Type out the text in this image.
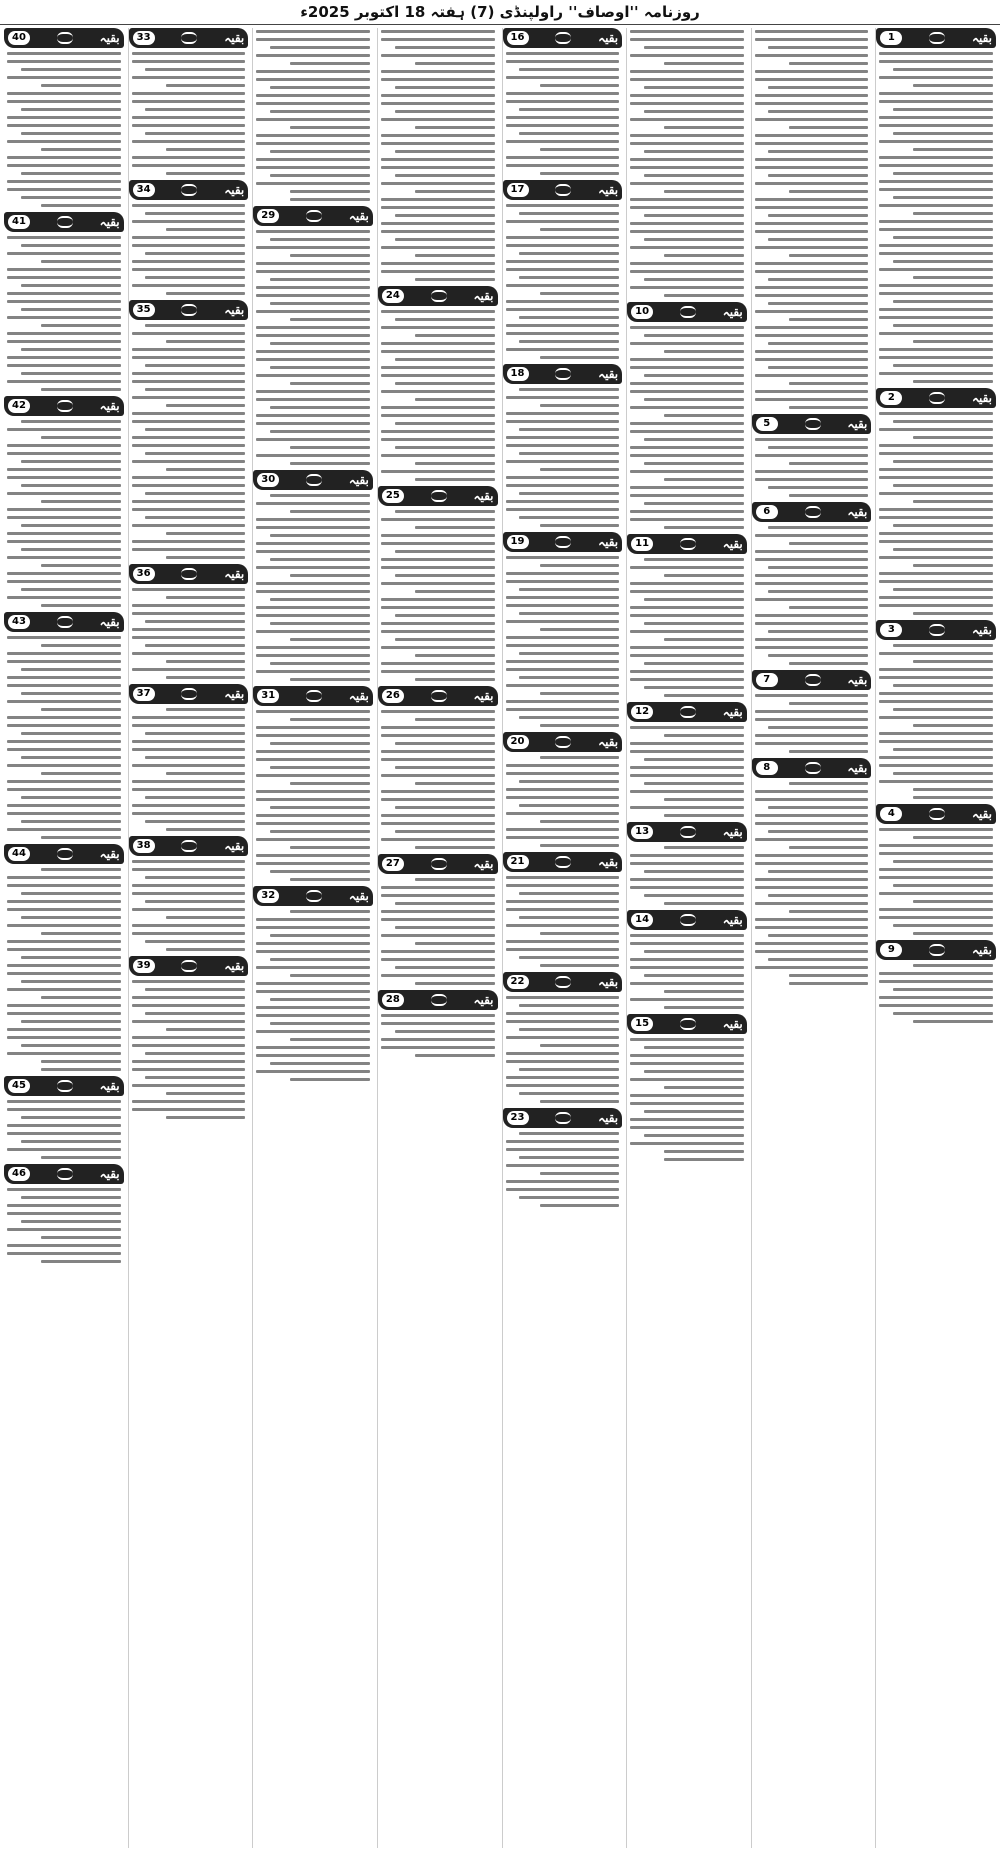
روزنامہ ''اوصاف'' راولپنڈی (7) ہفتہ 18 اکتوبر 2025ء
بقیہ
1
بقیہ
2
بقیہ
3
بقیہ
4
بقیہ
9
بقیہ
5
بقیہ
6
بقیہ
7
بقیہ
8
بقیہ
10
بقیہ
11
بقیہ
12
بقیہ
13
بقیہ
14
بقیہ
15
بقیہ
16
بقیہ
17
بقیہ
18
بقیہ
19
بقیہ
20
بقیہ
21
بقیہ
22
بقیہ
23
بقیہ
24
بقیہ
25
بقیہ
26
بقیہ
27
بقیہ
28
بقیہ
29
بقیہ
30
بقیہ
31
بقیہ
32
بقیہ
33
بقیہ
34
بقیہ
35
بقیہ
36
بقیہ
37
بقیہ
38
بقیہ
39
بقیہ
40
بقیہ
41
بقیہ
42
بقیہ
43
بقیہ
44
بقیہ
45
بقیہ
46
